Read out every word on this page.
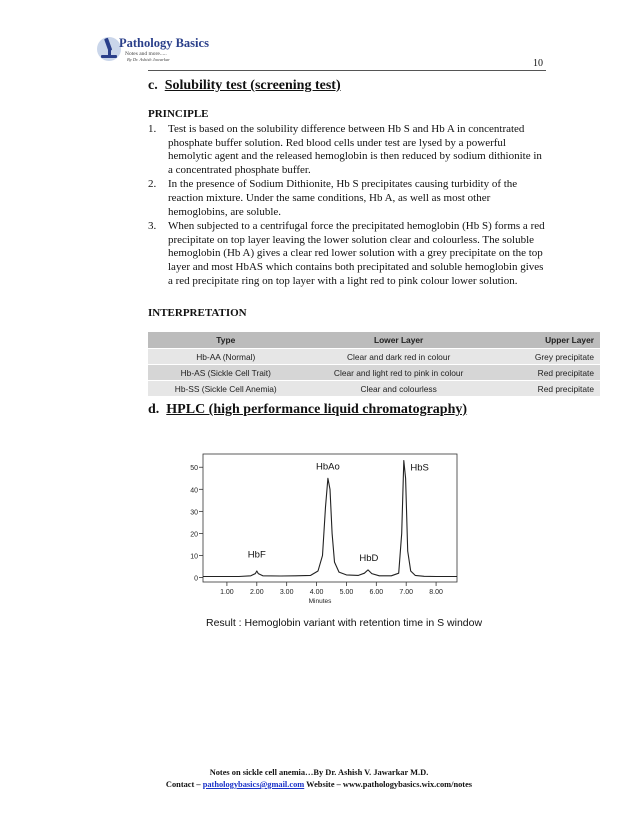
Pathology Basics
Notes and more.....
By Dr. Ashish Jawarkar	10
c. Solubility test (screening test)
PRINCIPLE
1.	Test is based on the solubility difference between Hb S and Hb A in concentrated phosphate buffer solution. Red blood cells under test are lysed by a powerful hemolytic agent and the released hemoglobin is then reduced by sodium dithionite in a concentrated phosphate buffer.
2.	In the presence of Sodium Dithionite, Hb S precipitates causing turbidity of the reaction mixture. Under the same conditions, Hb A, as well as most other hemoglobins, are soluble.
3.	When subjected to a centrifugal force the precipitated hemoglobin (Hb S) forms a red precipitate on top layer leaving the lower solution clear and colourless. The soluble hemoglobin (Hb A) gives a clear red lower solution with a grey precipitate on the top layer and most HbAS which contains both precipitated and soluble hemoglobin gives a red precipitate ring on top layer with a light red to pink colour lower solution.
INTERPRETATION
Type	Lower Layer	Upper Layer
Hb-AA (Normal)	Clear and dark red in colour	Grey precipitate
Hb-AS (Sickle Cell Trait)	Clear and light red to pink in colour	Red precipitate
Hb-SS (Sickle Cell Anemia)	Clear and colourless	Red precipitate
d. HPLC (high performance liquid chromatography)
0
10
20
30
40
50
1.00 2.00 3.00 4.00 5.00 6.00 7.00 8.00
Minutes
HbF
HbAo
HbD
HbS
Result : Hemoglobin variant with retention time in S window
Notes on sickle cell anemia…By Dr. Ashish V. Jawarkar M.D.
Contact – pathologybasics@gmail.com Website – www.pathologybasics.wix.com/notes
